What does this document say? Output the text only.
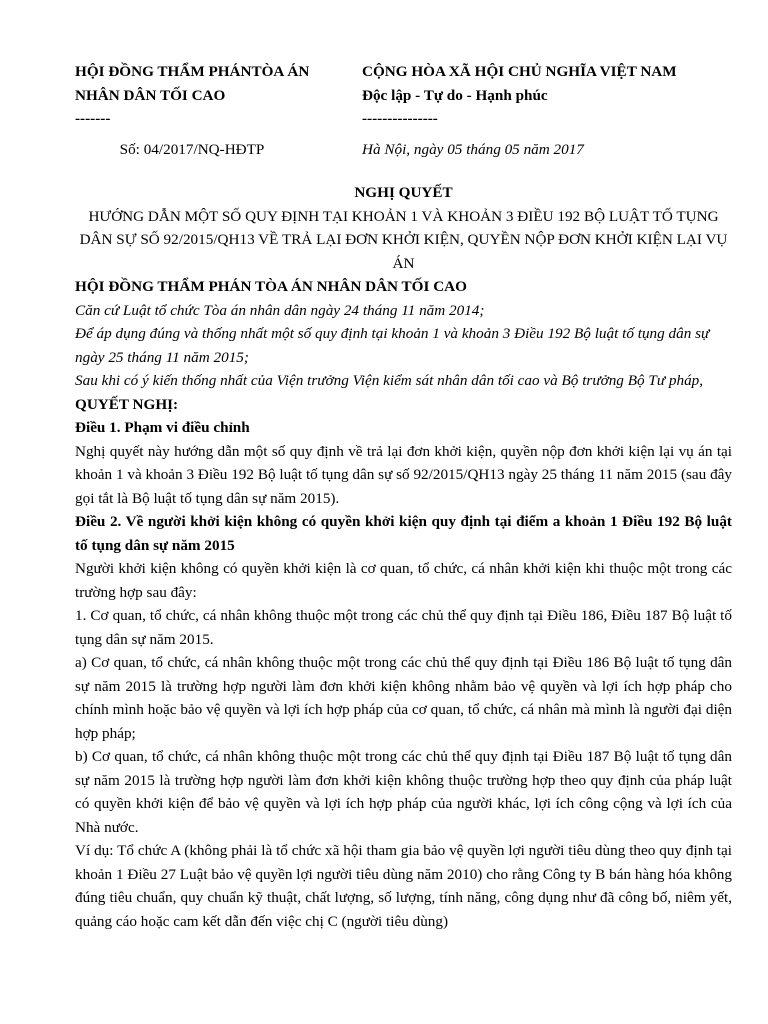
HỘI ĐỒNG THẨM PHÁNTÒA ÁN
NHÂN DÂN TỐI CAO
-------
CỘNG HÒA XÃ HỘI CHỦ NGHĨA VIỆT NAM
Độc lập - Tự do - Hạnh phúc
---------------
Số: 04/2017/NQ-HĐTP	Hà Nội, ngày 05 tháng 05 năm 2017
NGHỊ QUYẾT
HƯỚNG DẪN MỘT SỐ QUY ĐỊNH TẠI KHOẢN 1 VÀ KHOẢN 3 ĐIỀU 192 BỘ LUẬT TỐ TỤNG DÂN SỰ SỐ 92/2015/QH13 VỀ TRẢ LẠI ĐƠN KHỞI KIỆN, QUYỀN NỘP ĐƠN KHỞI KIỆN LẠI VỤ ÁN

HỘI ĐỒNG THẨM PHÁN TÒA ÁN NHÂN DÂN TỐI CAO

Căn cứ Luật tổ chức Tòa án nhân dân ngày 24 tháng 11 năm 2014;

Để áp dụng đúng và thống nhất một số quy định tại khoản 1 và khoản 3 Điều 192 Bộ luật tố tụng dân sự ngày 25 tháng 11 năm 2015;

Sau khi có ý kiến thống nhất của Viện trưởng Viện kiểm sát nhân dân tối cao và Bộ trưởng Bộ Tư pháp,

QUYẾT NGHỊ:

Điều 1. Phạm vi điều chỉnh

Nghị quyết này hướng dẫn một số quy định về trả lại đơn khởi kiện, quyền nộp đơn khởi kiện lại vụ án tại khoản 1 và khoản 3 Điều 192 Bộ luật tố tụng dân sự số 92/2015/QH13 ngày 25 tháng 11 năm 2015 (sau đây gọi tắt là Bộ luật tố tụng dân sự năm 2015).

Điều 2. Về người khởi kiện không có quyền khởi kiện quy định tại điểm a khoản 1 Điều 192 Bộ luật tố tụng dân sự năm 2015

Người khởi kiện không có quyền khởi kiện là cơ quan, tổ chức, cá nhân khởi kiện khi thuộc một trong các trường hợp sau đây:

1. Cơ quan, tổ chức, cá nhân không thuộc một trong các chủ thể quy định tại Điều 186, Điều 187 Bộ luật tố tụng dân sự năm 2015.

a) Cơ quan, tổ chức, cá nhân không thuộc một trong các chủ thể quy định tại Điều 186 Bộ luật tố tụng dân sự năm 2015 là trường hợp người làm đơn khởi kiện không nhằm bảo vệ quyền và lợi ích hợp pháp cho chính mình hoặc bảo vệ quyền và lợi ích hợp pháp của cơ quan, tổ chức, cá nhân mà mình là người đại diện hợp pháp;

b) Cơ quan, tổ chức, cá nhân không thuộc một trong các chủ thể quy định tại Điều 187 Bộ luật tố tụng dân sự năm 2015 là trường hợp người làm đơn khởi kiện không thuộc trường hợp theo quy định của pháp luật có quyền khởi kiện để bảo vệ quyền và lợi ích hợp pháp của người khác, lợi ích công cộng và lợi ích của Nhà nước.

Ví dụ: Tổ chức A (không phải là tổ chức xã hội tham gia bảo vệ quyền lợi người tiêu dùng theo quy định tại khoản 1 Điều 27 Luật bảo vệ quyền lợi người tiêu dùng năm 2010) cho rằng Công ty B bán hàng hóa không đúng tiêu chuẩn, quy chuẩn kỹ thuật, chất lượng, số lượng, tính năng, công dụng như đã công bố, niêm yết, quảng cáo hoặc cam kết dẫn đến việc chị C (người tiêu dùng)
